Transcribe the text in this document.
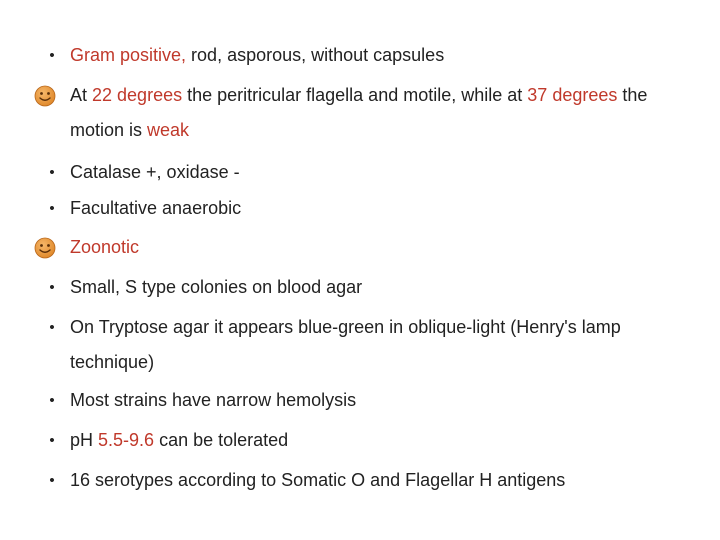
• Gram positive, rod, asporous, without capsules
At 22 degrees the peritricular flagella and motile, while at 37 degrees the motion is weak
• Catalase +, oxidase -
• Facultative anaerobic
Zoonotic
• Small, S type colonies on blood agar
• On Tryptose agar it appears blue-green in oblique-light (Henry's lamp technique)
• Most strains have narrow hemolysis
• pH 5.5-9.6 can be tolerated
• 16 serotypes according to Somatic O and Flagellar H antigens
